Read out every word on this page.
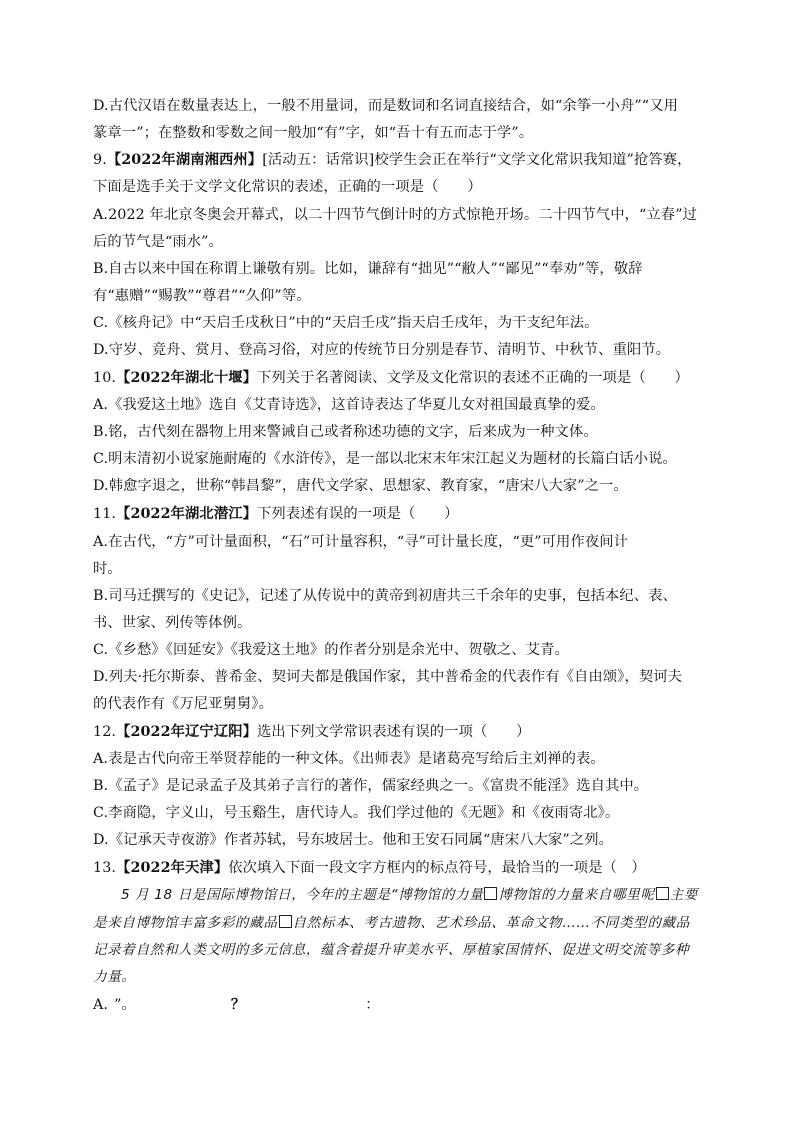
D.古代汉语在数量表达上，一般不用量词，而是数词和名词直接结合，如“余筝一小舟”“又用
篆章一”；在整数和零数之间一般加“有”字，如“吾十有五而志于学”。
9.【2022年湖南湘西州】[活动五：话常识]校学生会正在举行“文学文化常识我知道”抢答赛，
下面是选手关于文学文化常识的表述，正确的一项是（　　）
A.2022 年北京冬奥会开幕式，以二十四节气倒计时的方式惊艳开场。二十四节气中，“立春”过
后的节气是“雨水”。
B.自古以来中国在称谓上谦敬有别。比如，谦辞有“拙见”“敝人”“鄙见”“奉劝”等，敬辞
有“惠赠”“赐教”“尊君”“久仰”等。
C.《核舟记》中“天启壬戌秋日”中的“天启壬戌”指天启壬戌年，为干支纪年法。
D.守岁、竞舟、赏月、登高习俗，对应的传统节日分别是春节、清明节、中秋节、重阳节。
10.【2022年湖北十堰】下列关于名著阅读、文学及文化常识的表述不正确的一项是（　　）
A.《我爱这土地》选自《艾青诗选》，这首诗表达了华夏儿女对祖国最真挚的爱。
B.铭，古代刻在器物上用来警诫自己或者称述功德的文字，后来成为一种文体。
C.明末清初小说家施耐庵的《水浒传》，是一部以北宋末年宋江起义为题材的长篇白话小说。
D.韩愈字退之，世称“韩昌黎”，唐代文学家、思想家、教育家，“唐宋八大家”之一。
11.【2022年湖北潜江】下列表述有误的一项是（　　）
A.在古代，“方”可计量面积，“石”可计量容积，“寻”可计量长度，“更”可用作夜间计
时。
B.司马迁撰写的《史记》，记述了从传说中的黄帝到初唐共三千余年的史事，包括本纪、表、
书、世家、列传等体例。
C.《乡愁》《回延安》《我爱这土地》的作者分别是余光中、贺敬之、艾青。
D.列夫·托尔斯泰、普希金、契诃夫都是俄国作家，其中普希金的代表作有《自由颂》，契诃夫
的代表作有《万尼亚舅舅》。
12.【2022年辽宁辽阳】选出下列文学常识表述有误的一项（　　）
A.表是古代向帝王举贤荐能的一种文体。《出师表》是诸葛亮写给后主刘禅的表。
B.《孟子》是记录孟子及其弟子言行的著作，儒家经典之一。《富贵不能淫》选自其中。
C.李商隐，字义山，号玉谿生，唐代诗人。我们学过他的《无题》和《夜雨寄北》。
D.《记承天寺夜游》作者苏轼，号东坡居士。他和王安石同属“唐宋八大家”之列。
13.【2022年天津】依次填入下面一段文字方框内的标点符号，最恰当的一项是（　）
5 月 18 日是国际博物馆日，今年的主题是“博物馆的力量 博物馆的力量来自哪里呢 主要
是来自博物馆丰富多彩的藏品 自然标本、考古遗物、艺术珍品、革命文物……不同类型的藏品
记录着自然和人类文明的多元信息，蕴含着提升审美水平、厚植家国情怀、促进文明交流等多种
力量。
A. ”。	？	：
